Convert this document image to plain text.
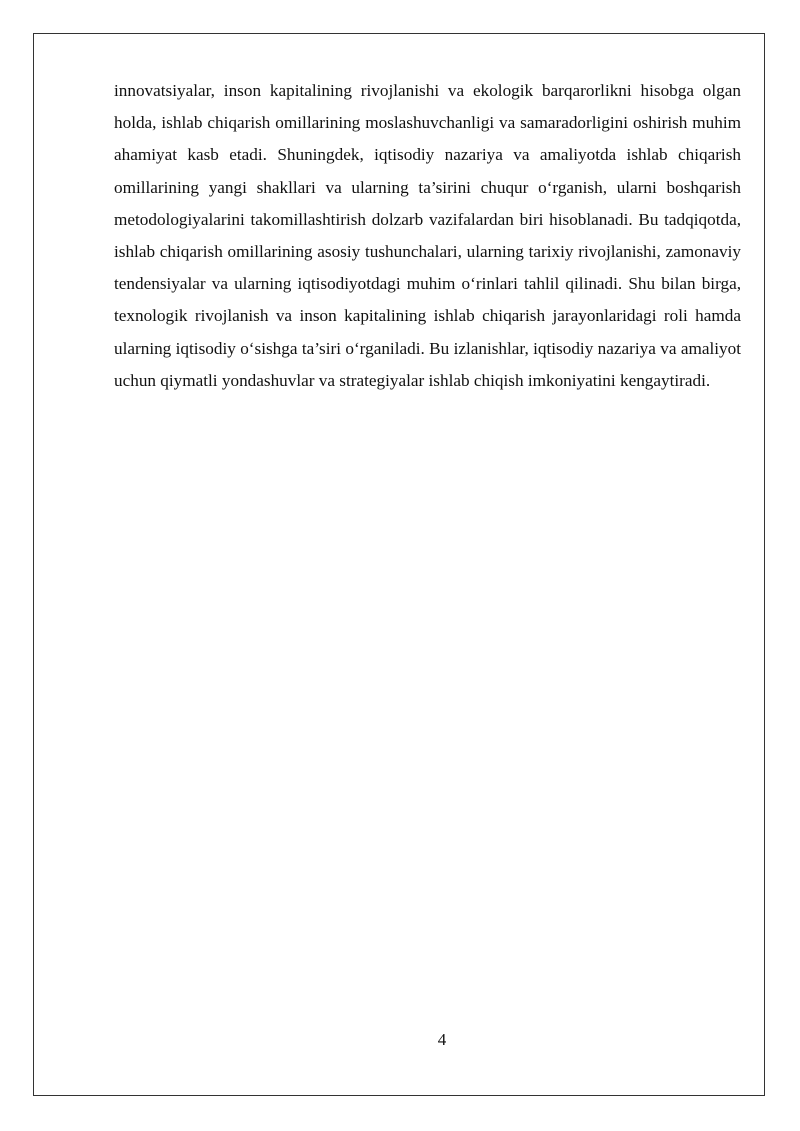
innovatsiyalar, inson kapitalining rivojlanishi va ekologik barqarorlikni hisobga olgan holda, ishlab chiqarish omillarining moslashuvchanligi va samaradorligini oshirish muhim ahamiyat kasb etadi. Shuningdek, iqtisodiy nazariya va amaliyotda ishlab chiqarish omillarining yangi shakllari va ularning ta’sirini chuqur o‘rganish, ularni boshqarish metodologiyalarini takomillashtirish dolzarb vazifalardan biri hisoblanadi. Bu tadqiqotda, ishlab chiqarish omillarining asosiy tushunchalari, ularning tarixiy rivojlanishi, zamonaviy tendensiyalar va ularning iqtisodiyotdagi muhim o‘rinlari tahlil qilinadi. Shu bilan birga, texnologik rivojlanish va inson kapitalining ishlab chiqarish jarayonlaridagi roli hamda ularning iqtisodiy o‘sishga ta’siri o‘rganiladi. Bu izlanishlar, iqtisodiy nazariya va amaliyot uchun qiymatli yondashuvlar va strategiyalar ishlab chiqish imkoniyatini kengaytiradi.

4
